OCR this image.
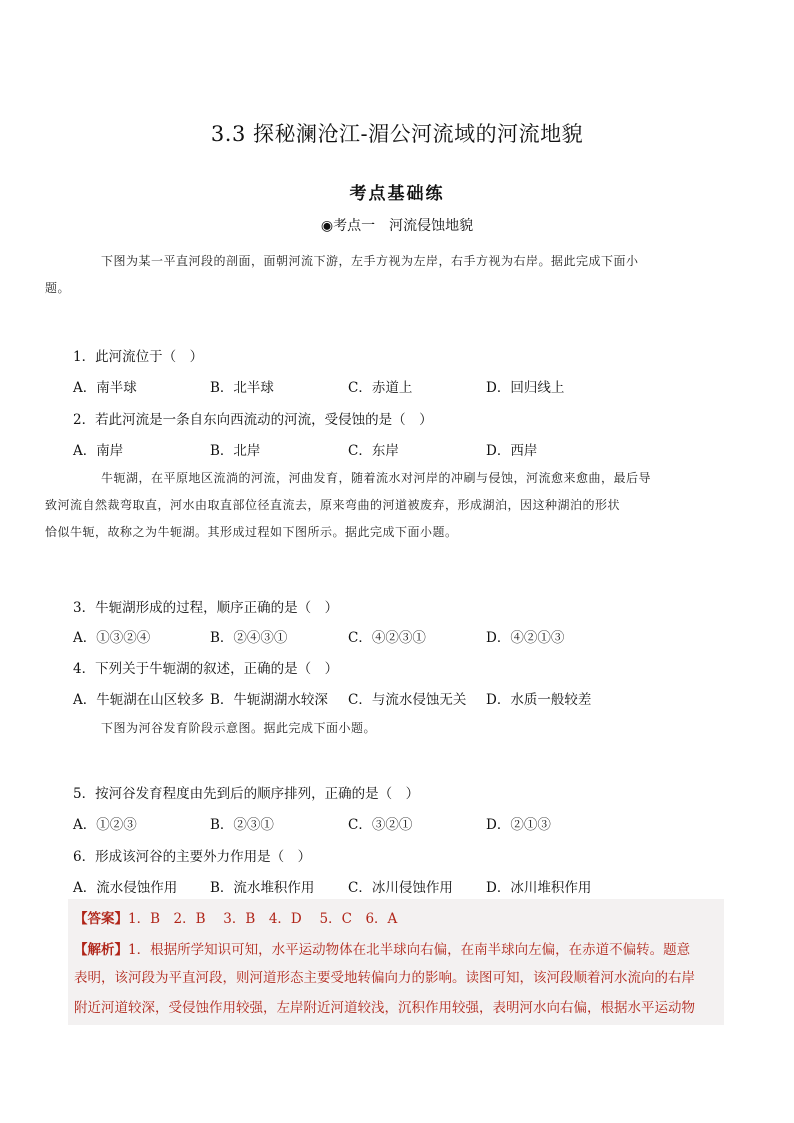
3.3 探秘澜沧江-湄公河流域的河流地貌
考点基础练
◉考点一　河流侵蚀地貌
下图为某一平直河段的剖面，面朝河流下游，左手方视为左岸，右手方视为右岸。据此完成下面小
题。
1．此河流位于（　）
A．南半球	B．北半球	C．赤道上	D．回归线上
2．若此河流是一条自东向西流动的河流，受侵蚀的是（　）
A．南岸	B．北岸	C．东岸	D．西岸
牛轭湖，在平原地区流淌的河流，河曲发育，随着流水对河岸的冲刷与侵蚀，河流愈来愈曲，最后导
致河流自然裁弯取直，河水由取直部位径直流去，原来弯曲的河道被废弃，形成湖泊，因这种湖泊的形状
恰似牛轭，故称之为牛轭湖。其形成过程如下图所示。据此完成下面小题。
3．牛轭湖形成的过程，顺序正确的是（　）
A．①③②④	B．②④③①	C．④②③①	D．④②①③
4．下列关于牛轭湖的叙述，正确的是（　）
A．牛轭湖在山区较多 B．牛轭湖湖水较深 C．与流水侵蚀无关 D．水质一般较差
下图为河谷发育阶段示意图。据此完成下面小题。
5．按河谷发育程度由先到后的顺序排列，正确的是（　）
A．①②③	B．②③①	C．③②①	D．②①③
6．形成该河谷的主要外力作用是（　）
A．流水侵蚀作用 B．流水堆积作用 C．冰川侵蚀作用 D．冰川堆积作用
【答案】1．B　2．B　 3．B　4．D　 5．C　6．A
【解析】1．根据所学知识可知，水平运动物体在北半球向右偏，在南半球向左偏，在赤道不偏转。题意
表明，该河段为平直河段，则河道形态主要受地转偏向力的影响。读图可知，该河段顺着河水流向的右岸
附近河道较深，受侵蚀作用较强，左岸附近河道较浅，沉积作用较强，表明河水向右偏，根据水平运动物
